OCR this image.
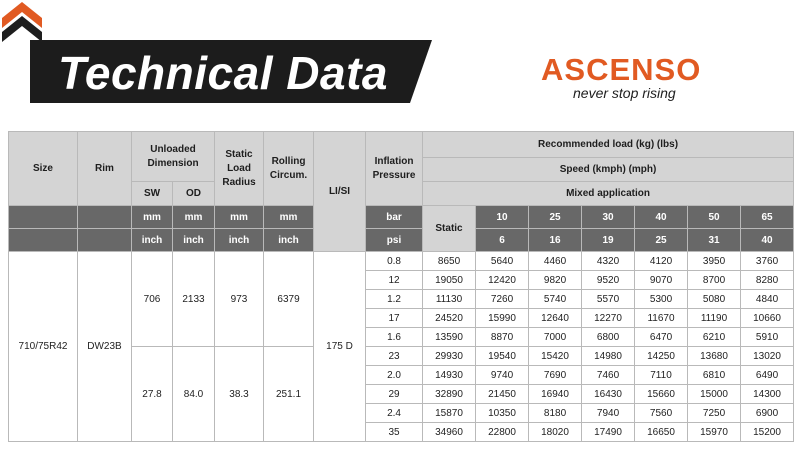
Technical Data	ASCENSO
never stop rising
Size	Rim	Unloaded Dimension		Static Load Radius	Rolling Circum.	LI/SI	Inflation Pressure	Recommended load (kg) (lbs)						
								Speed (kmph) (mph)						
		SW	OD					Mixed application						
		mm	mm	mm	mm		bar	Static	10	25	30	40	50	65
		inch	inch	inch	inch		psi		6	16	19	25	31	40
710/75R42	DW23B	706	2133	973	6379	175 D	0.8	8650	5640	4460	4320	4120	3950	3760
							12	19050	12420	9820	9520	9070	8700	8280
							1.2	11130	7260	5740	5570	5300	5080	4840
							17	24520	15990	12640	12270	11670	11190	10660
							1.6	13590	8870	7000	6800	6470	6210	5910
		27.8	84.0	38.3	251.1		23	29930	19540	15420	14980	14250	13680	13020
							2.0	14930	9740	7690	7460	7110	6810	6490
							29	32890	21450	16940	16430	15660	15000	14300
							2.4	15870	10350	8180	7940	7560	7250	6900
							35	34960	22800	18020	17490	16650	15970	15200
